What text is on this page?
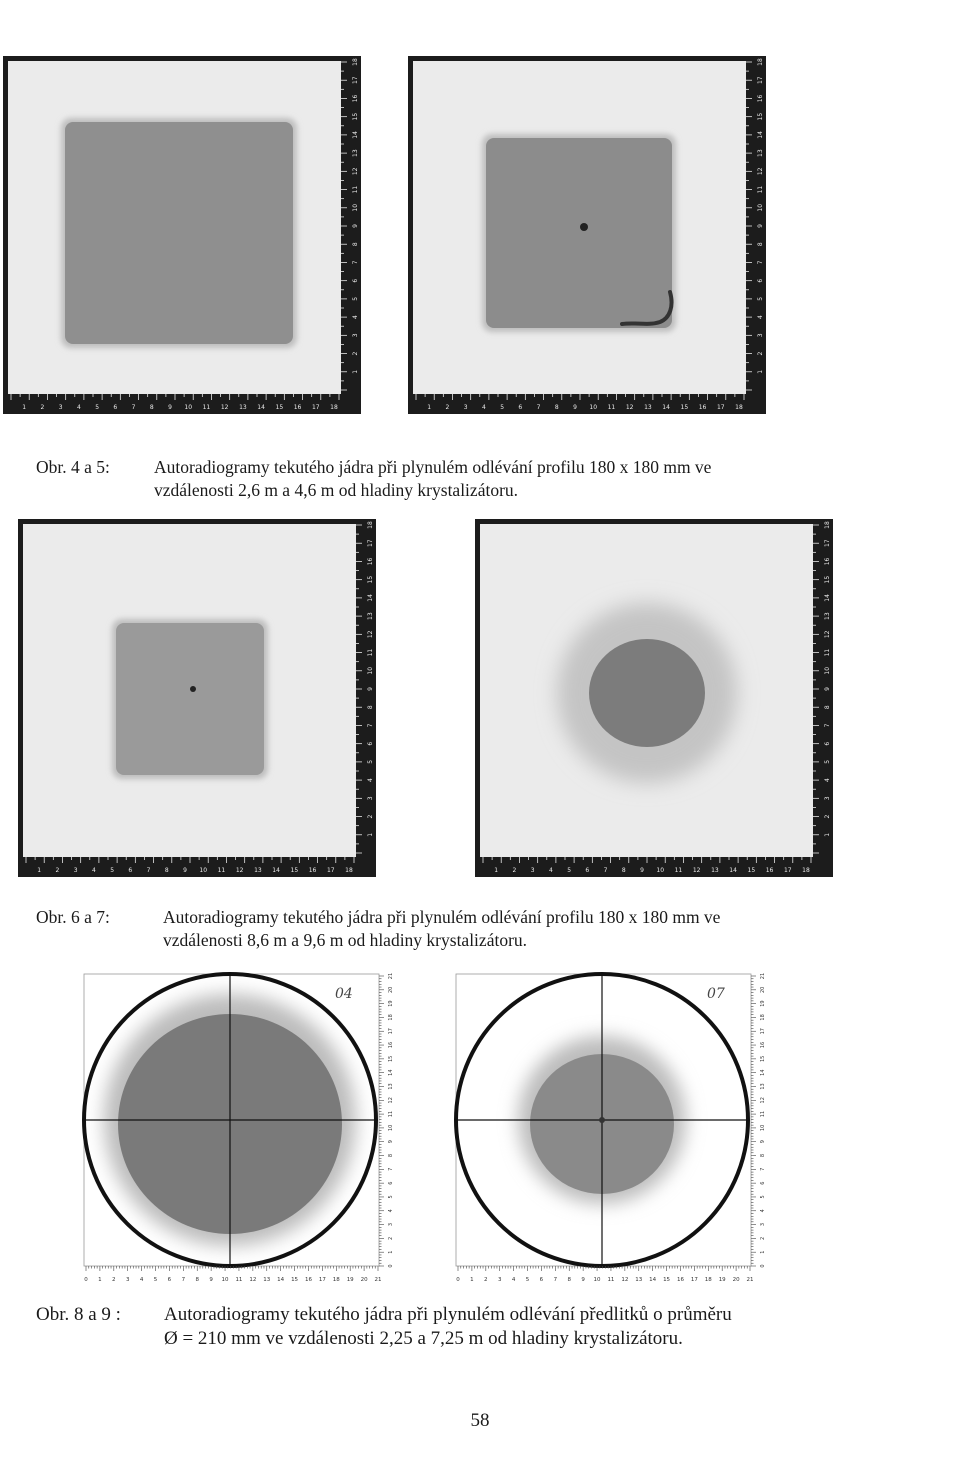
1 2 3 4 5 6 7 8 9 10 11 12 13 14 15 16 17 18
1
2
3
4
5
6
7
8
9
10
11
12
13
14
15
16
17
18
1 2 3 4 5 6 7 8 9 10 11 12 13 14 15 16 17 18
1
2
3
4
5
6
7
8
9
10
11
12
13
14
15
16
17
18
Obr. 4 a 5:	Autoradiogramy tekutého jádra při plynulém odlévání profilu 180 x 180 mm ve
vzdálenosti 2,6 m a 4,6 m od hladiny krystalizátoru.
1 2 3 4 5 6 7 8 9 10 11 12 13 14 15 16 17 18
1
2
3
4
5
6
7
8
9
10
11
12
13
14
15
16
17
18
1 2 3 4 5 6 7 8 9 10 11 12 13 14 15 16 17 18
1
2
3
4
5
6
7
8
9
10
11
12
13
14
15
16
17
18
Obr. 6 a 7:	Autoradiogramy tekutého jádra při plynulém odlévání profilu 180 x 180 mm ve
vzdálenosti 8,6 m a 9,6 m od hladiny krystalizátoru.
04
0 1 2 3 4 5 6 7 8 9 10 11 12 13 14 15 16 17 18 19 20 21
0
1
2
3
4
5
6
7
8
9
10
11
12
13
14
15
16
17
18
19
20
21
07
0 1 2 3 4 5 6 7 8 9 10 11 12 13 14 15 16 17 18 19 20 21
0
1
2
3
4
5
6
7
8
9
10
11
12
13
14
15
16
17
18
19
20
21
Obr. 8 a 9 : Autoradiogramy tekutého jádra při plynulém odlévání předlitků o průměru
Ø = 210 mm ve vzdálenosti 2,25 a 7,25 m od hladiny krystalizátoru.
58
